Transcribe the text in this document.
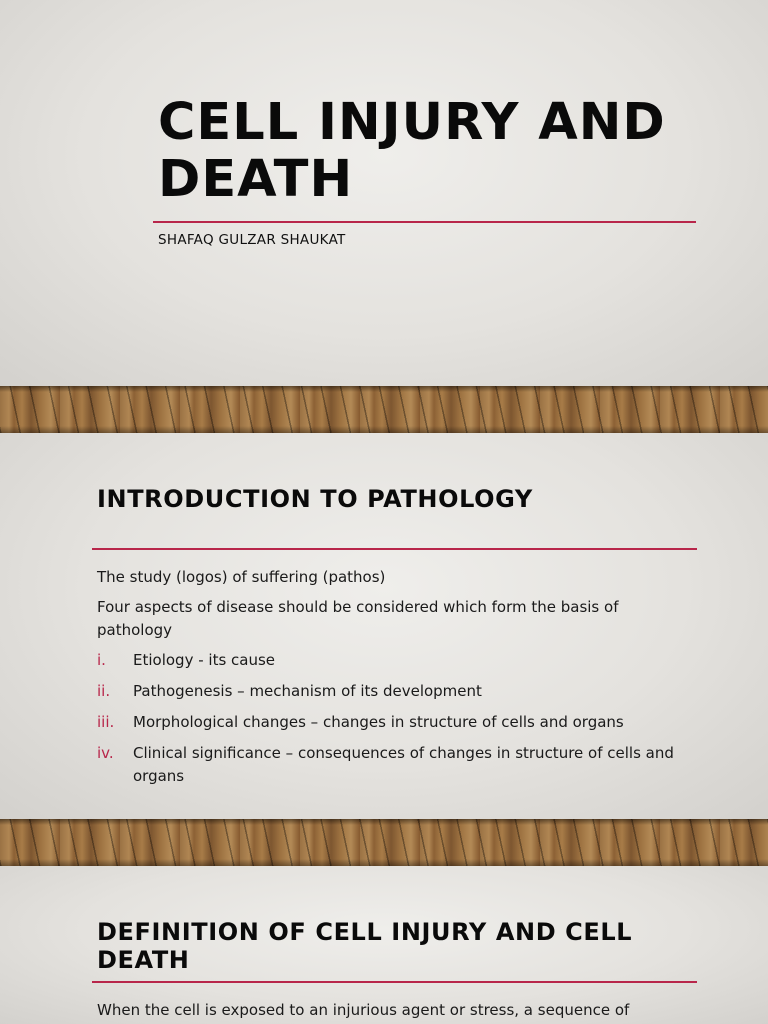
CELL INJURY AND DEATH
SHAFAQ GULZAR SHAUKAT
INTRODUCTION TO PATHOLOGY

The study (logos) of suffering (pathos)

Four aspects of disease should be considered which form the basis of pathology

i. Etiology - its cause
ii. Pathogenesis – mechanism of its development
iii. Morphological changes – changes in structure of cells and organs
iv. Clinical significance – consequences of changes in structure of cells and organs
DEFINITION OF CELL INJURY AND CELL DEATH
When the cell is exposed to an injurious agent or stress, a sequence of
